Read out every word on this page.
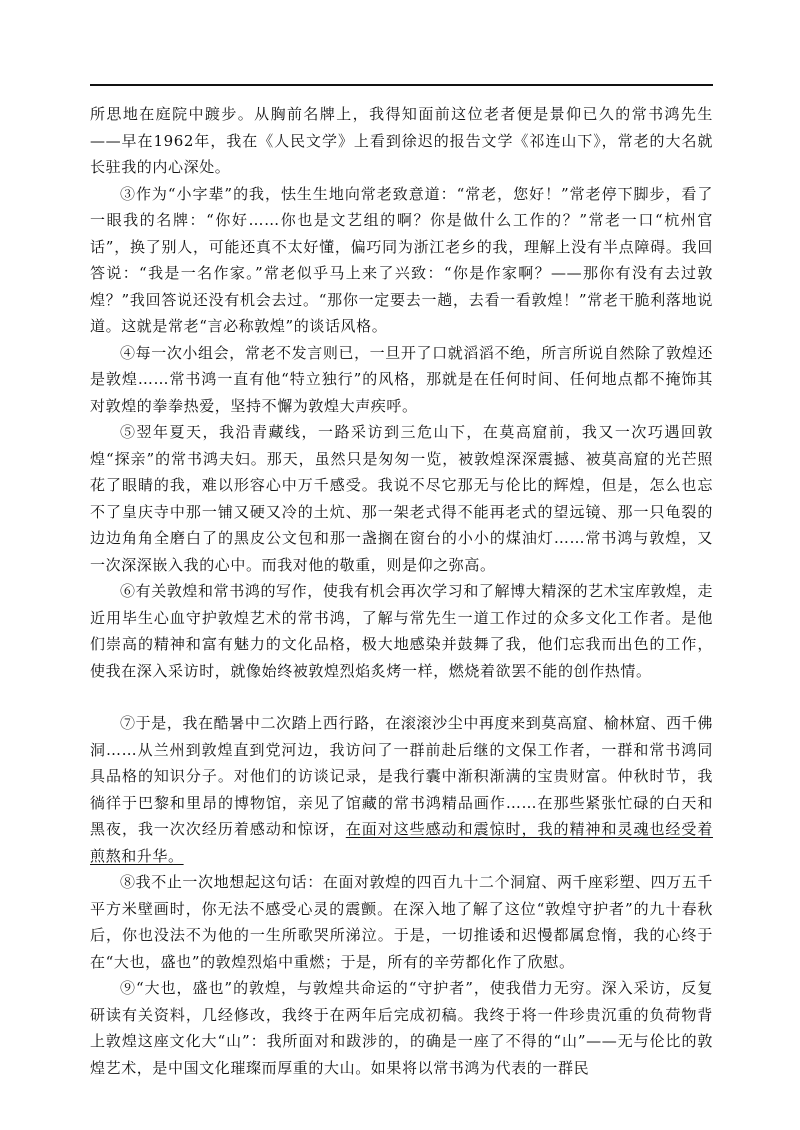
所思地在庭院中踱步。从胸前名牌上，我得知面前这位老者便是景仰已久的常书鸿先生——早在1962年，我在《人民文学》上看到徐迟的报告文学《祁连山下》，常老的大名就长驻我的内心深处。

③作为“小字辈”的我，怯生生地向常老致意道：“常老，您好！”常老停下脚步，看了一眼我的名牌：“你好……你也是文艺组的啊？你是做什么工作的？”常老一口“杭州官话”，换了别人，可能还真不太好懂，偏巧同为浙江老乡的我，理解上没有半点障碍。我回答说：“我是一名作家。”常老似乎马上来了兴致：“你是作家啊？——那你有没有去过敦煌？”我回答说还没有机会去过。“那你一定要去一趟，去看一看敦煌！”常老干脆利落地说道。这就是常老“言必称敦煌”的谈话风格。

④每一次小组会，常老不发言则已，一旦开了口就滔滔不绝，所言所说自然除了敦煌还是敦煌……常书鸿一直有他“特立独行”的风格，那就是在任何时间、任何地点都不掩饰其对敦煌的拳拳热爱，坚持不懈为敦煌大声疾呼。

⑤翌年夏天，我沿青藏线，一路采访到三危山下，在莫高窟前，我又一次巧遇回敦煌“探亲”的常书鸿夫妇。那天，虽然只是匆匆一览，被敦煌深深震撼、被莫高窟的光芒照花了眼睛的我，难以形容心中万千感受。我说不尽它那无与伦比的辉煌，但是，怎么也忘不了皇庆寺中那一铺又硬又冷的土炕、那一架老式得不能再老式的望远镜、那一只龟裂的边边角角全磨白了的黑皮公文包和那一盏搁在窗台的小小的煤油灯……常书鸿与敦煌，又一次深深嵌入我的心中。而我对他的敬重，则是仰之弥高。

⑥有关敦煌和常书鸿的写作，使我有机会再次学习和了解博大精深的艺术宝库敦煌，走近用毕生心血守护敦煌艺术的常书鸿，了解与常先生一道工作过的众多文化工作者。是他们崇高的精神和富有魅力的文化品格，极大地感染并鼓舞了我，他们忘我而出色的工作，使我在深入采访时，就像始终被敦煌烈焰炙烤一样，燃烧着欲罢不能的创作热情。

⑦于是，我在酷暑中二次踏上西行路，在滚滚沙尘中再度来到莫高窟、榆林窟、西千佛洞……从兰州到敦煌直到党河边，我访问了一群前赴后继的文保工作者，一群和常书鸿同具品格的知识分子。对他们的访谈记录，是我行囊中渐积渐满的宝贵财富。仲秋时节，我徜徉于巴黎和里昂的博物馆，亲见了馆藏的常书鸿精品画作……在那些紧张忙碌的白天和黑夜，我一次次经历着感动和惊讶，在面对这些感动和震惊时，我的精神和灵魂也经受着煎熬和升华。

⑧我不止一次地想起这句话：在面对敦煌的四百九十二个洞窟、两千座彩塑、四万五千平方米壁画时，你无法不感受心灵的震颤。在深入地了解了这位“敦煌守护者”的九十春秋后，你也没法不为他的一生所歌哭所涕泣。于是，一切推诿和迟慢都属怠惰，我的心终于在“大也，盛也”的敦煌烈焰中重燃；于是，所有的辛劳都化作了欣慰。

⑨“大也，盛也”的敦煌，与敦煌共命运的“守护者”，使我借力无穷。深入采访，反复研读有关资料，几经修改，我终于在两年后完成初稿。我终于将一件珍贵沉重的负荷物背上敦煌这座文化大“山”：我所面对和跋涉的，的确是一座了不得的“山”——无与伦比的敦煌艺术，是中国文化璀璨而厚重的大山。如果将以常书鸿为代表的一群民
